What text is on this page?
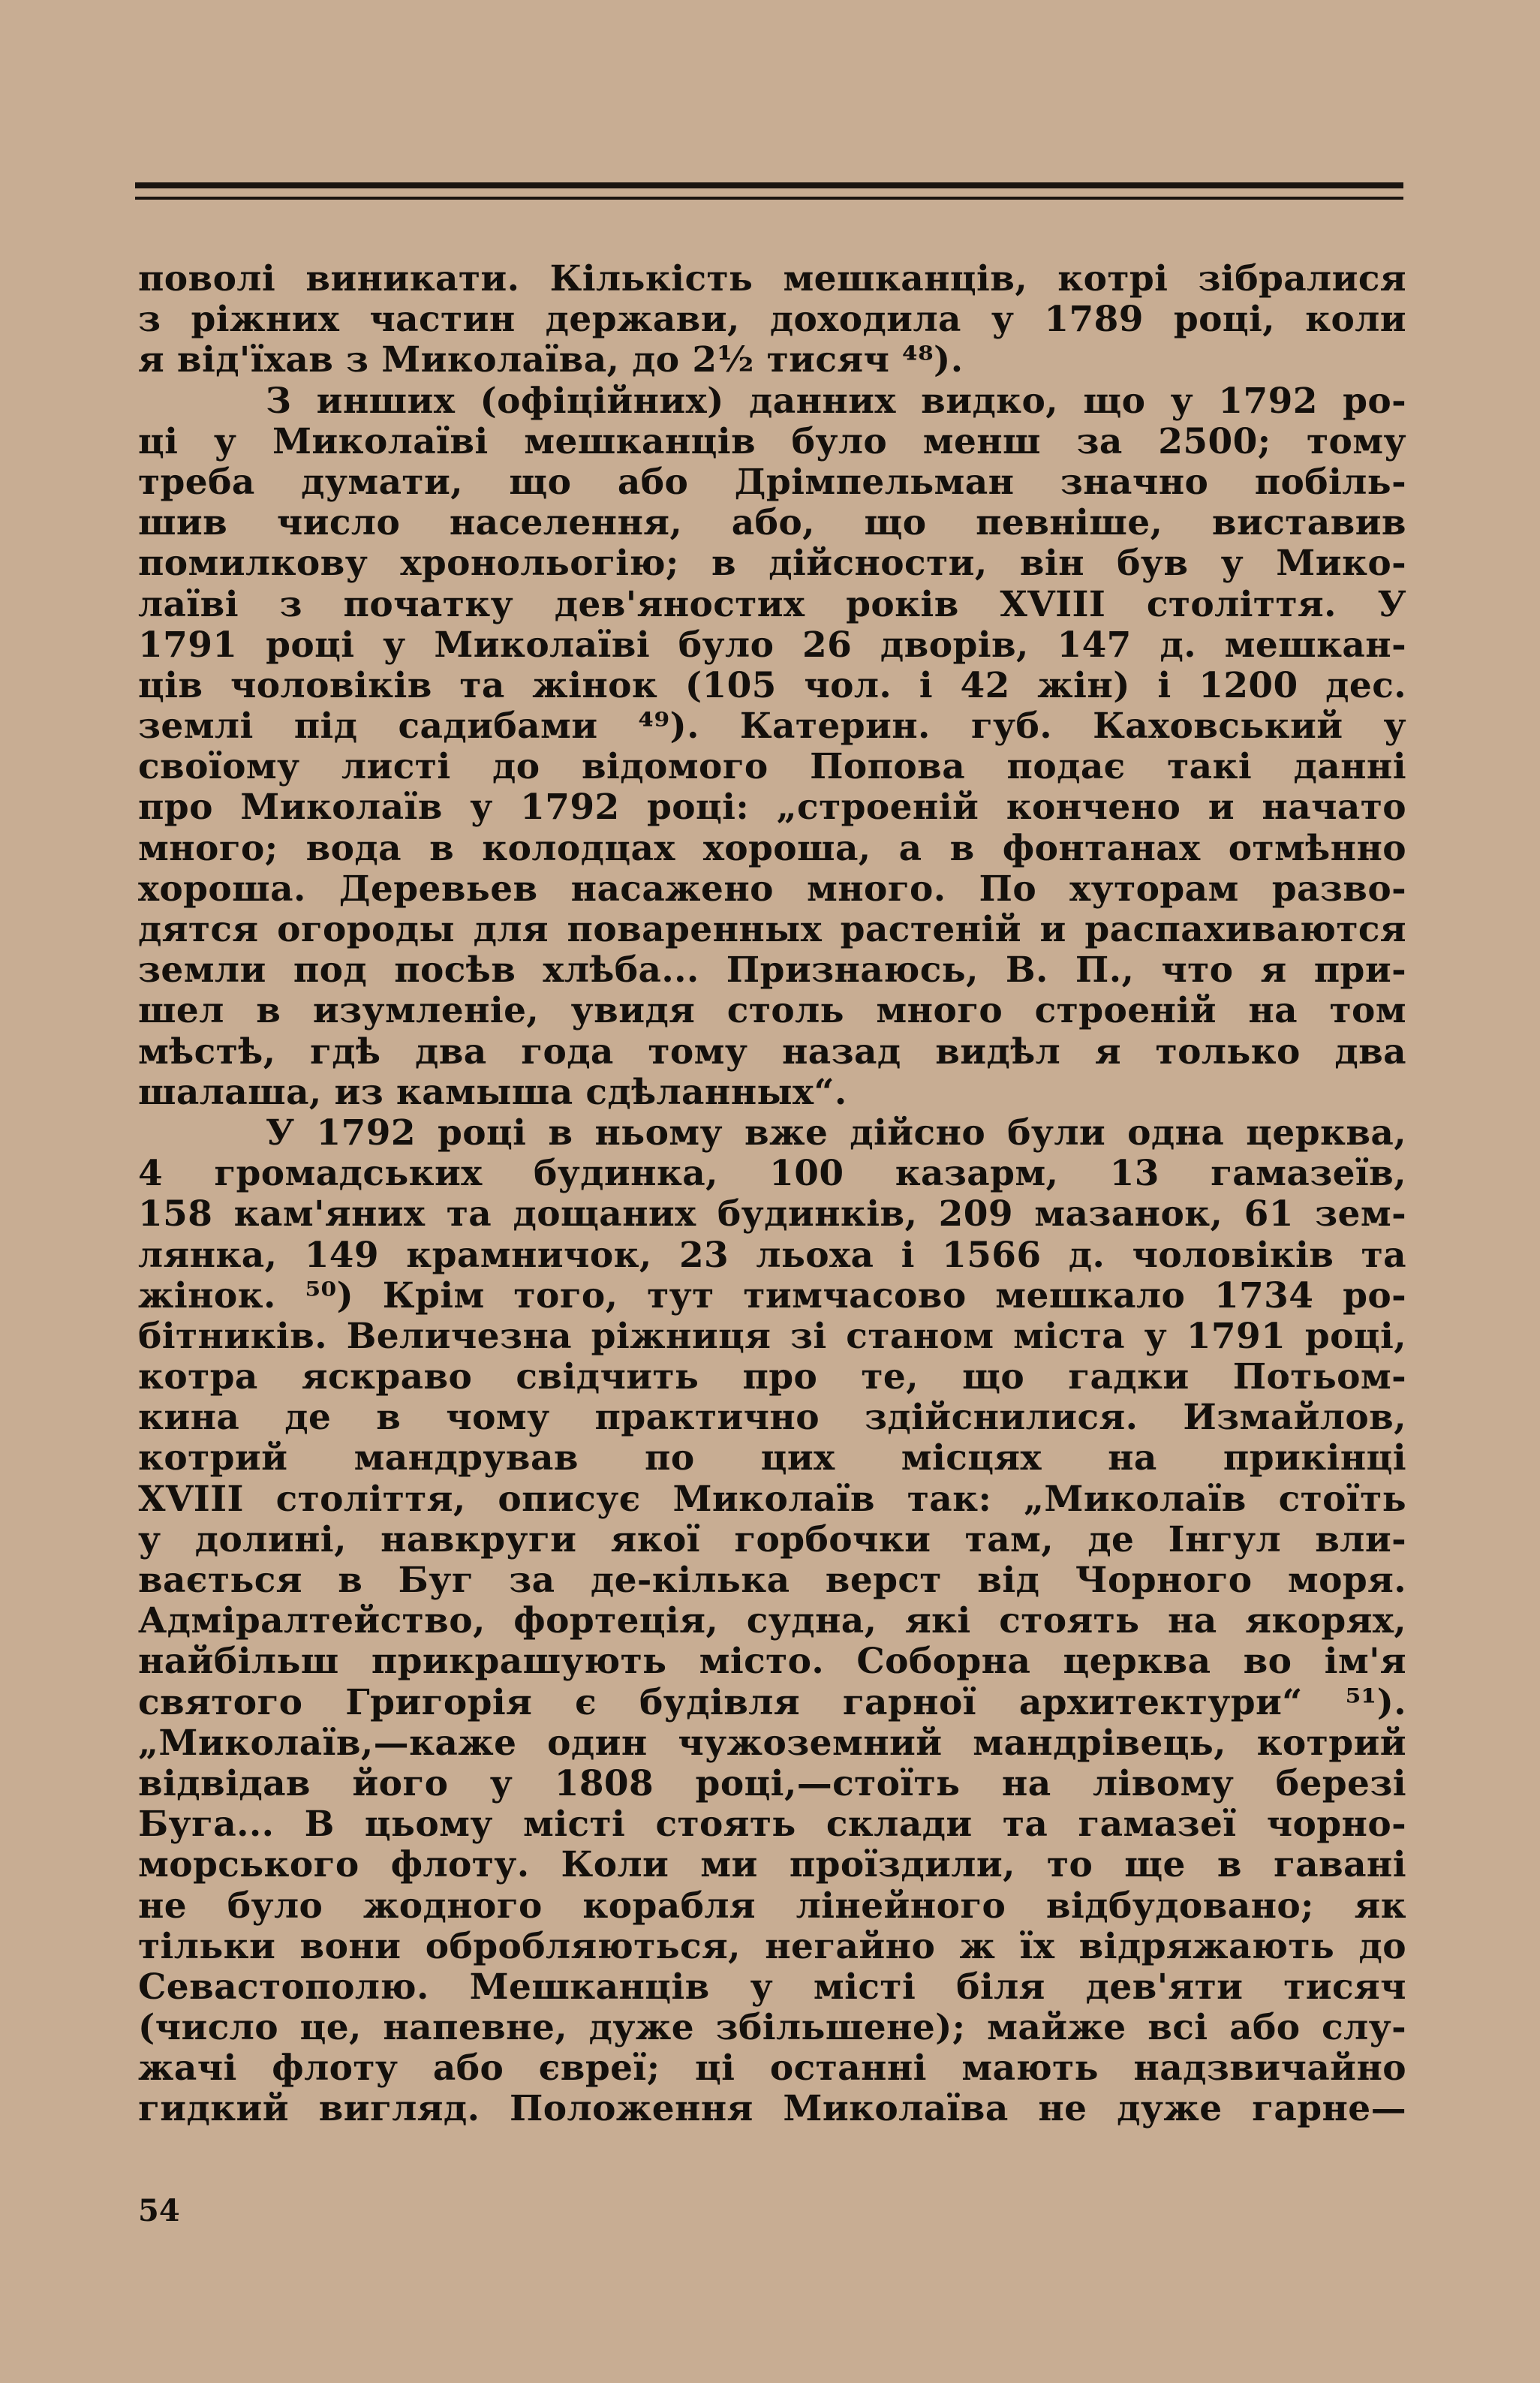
поволі виникати. Кількість мешканців, котрі зібралися
з ріжних частин держави, доходила у 1789 році, коли
я від'їхав з Миколаїва, до 2½ тисяч ⁴⁸).
З инших (офіційних) данних видко, що у 1792 ро-
ці у Миколаїві мешканців було менш за 2500; тому
треба думати, що або Дрімпельман значно побіль-
шив число населення, або, що певніше, виставив
помилкову хронольогію; в дійсности, він був у Мико-
лаїві з початку дев'яностих років XVIII століття. У
1791 році у Миколаїві було 26 дворів, 147 д. мешкан-
ців чоловіків та жінок (105 чол. і 42 жін) і 1200 дес.
землі під садибами ⁴⁹). Катерин. губ. Каховський у
своїому листі до відомого Попова подає такі данні
про Миколаїв у 1792 році: „строеній кончено и начато
много; вода в колодцах хороша, а в фонтанах отмѣнно
хороша. Деревьев насажено много. По хуторам разво-
дятся огороды для поваренных растеній и распахиваются
земли под посѣв хлѣба... Признаюсь, В. П., что я при-
шел в изумленіе, увидя столь много строеній на том
мѣстѣ, гдѣ два года тому назад видѣл я только два
шалаша, из камыша сдѣланных“.
У 1792 році в ньому вже дійсно були одна церква,
4 громадських будинка, 100 казарм, 13 гамазеїв,
158 кам'яних та дощаних будинків, 209 мазанок, 61 зем-
лянка, 149 крамничок, 23 льоха і 1566 д. чоловіків та
жінок. ⁵⁰) Крім того, тут тимчасово мешкало 1734 ро-
бітників. Величезна ріжниця зі станом міста у 1791 році,
котра яскраво свідчить про те, що гадки Потьом-
кина де в чому практично здійснилися. Измайлов,
котрий мандрував по цих місцях на прикінці
XVIII століття, описує Миколаїв так: „Миколаїв стоїть
у долині, навкруги якої горбочки там, де Інгул вли-
вається в Буг за де-кілька верст від Чорного моря.
Адміралтейство, фортеція, судна, які стоять на якорях,
найбільш прикрашують місто. Соборна церква во ім'я
святого Григорія є будівля гарної архитектури“ ⁵¹).
„Миколаїв,—каже один чужоземний мандрівець, котрий
відвідав його у 1808 році,—стоїть на лівому березі
Буга... В цьому місті стоять склади та гамазеї чорно-
морського флоту. Коли ми проїздили, то ще в гавані
не було жодного корабля лінейного відбудовано; як
тільки вони обробляються, негайно ж їх відряжають до
Севастополю. Мешканців у місті біля дев'яти тисяч
(число це, напевне, дуже збільшене); майже всі або слу-
жачі флоту або євреї; ці останні мають надзвичайно
гидкий вигляд. Положення Миколаїва не дуже гарне—
54
